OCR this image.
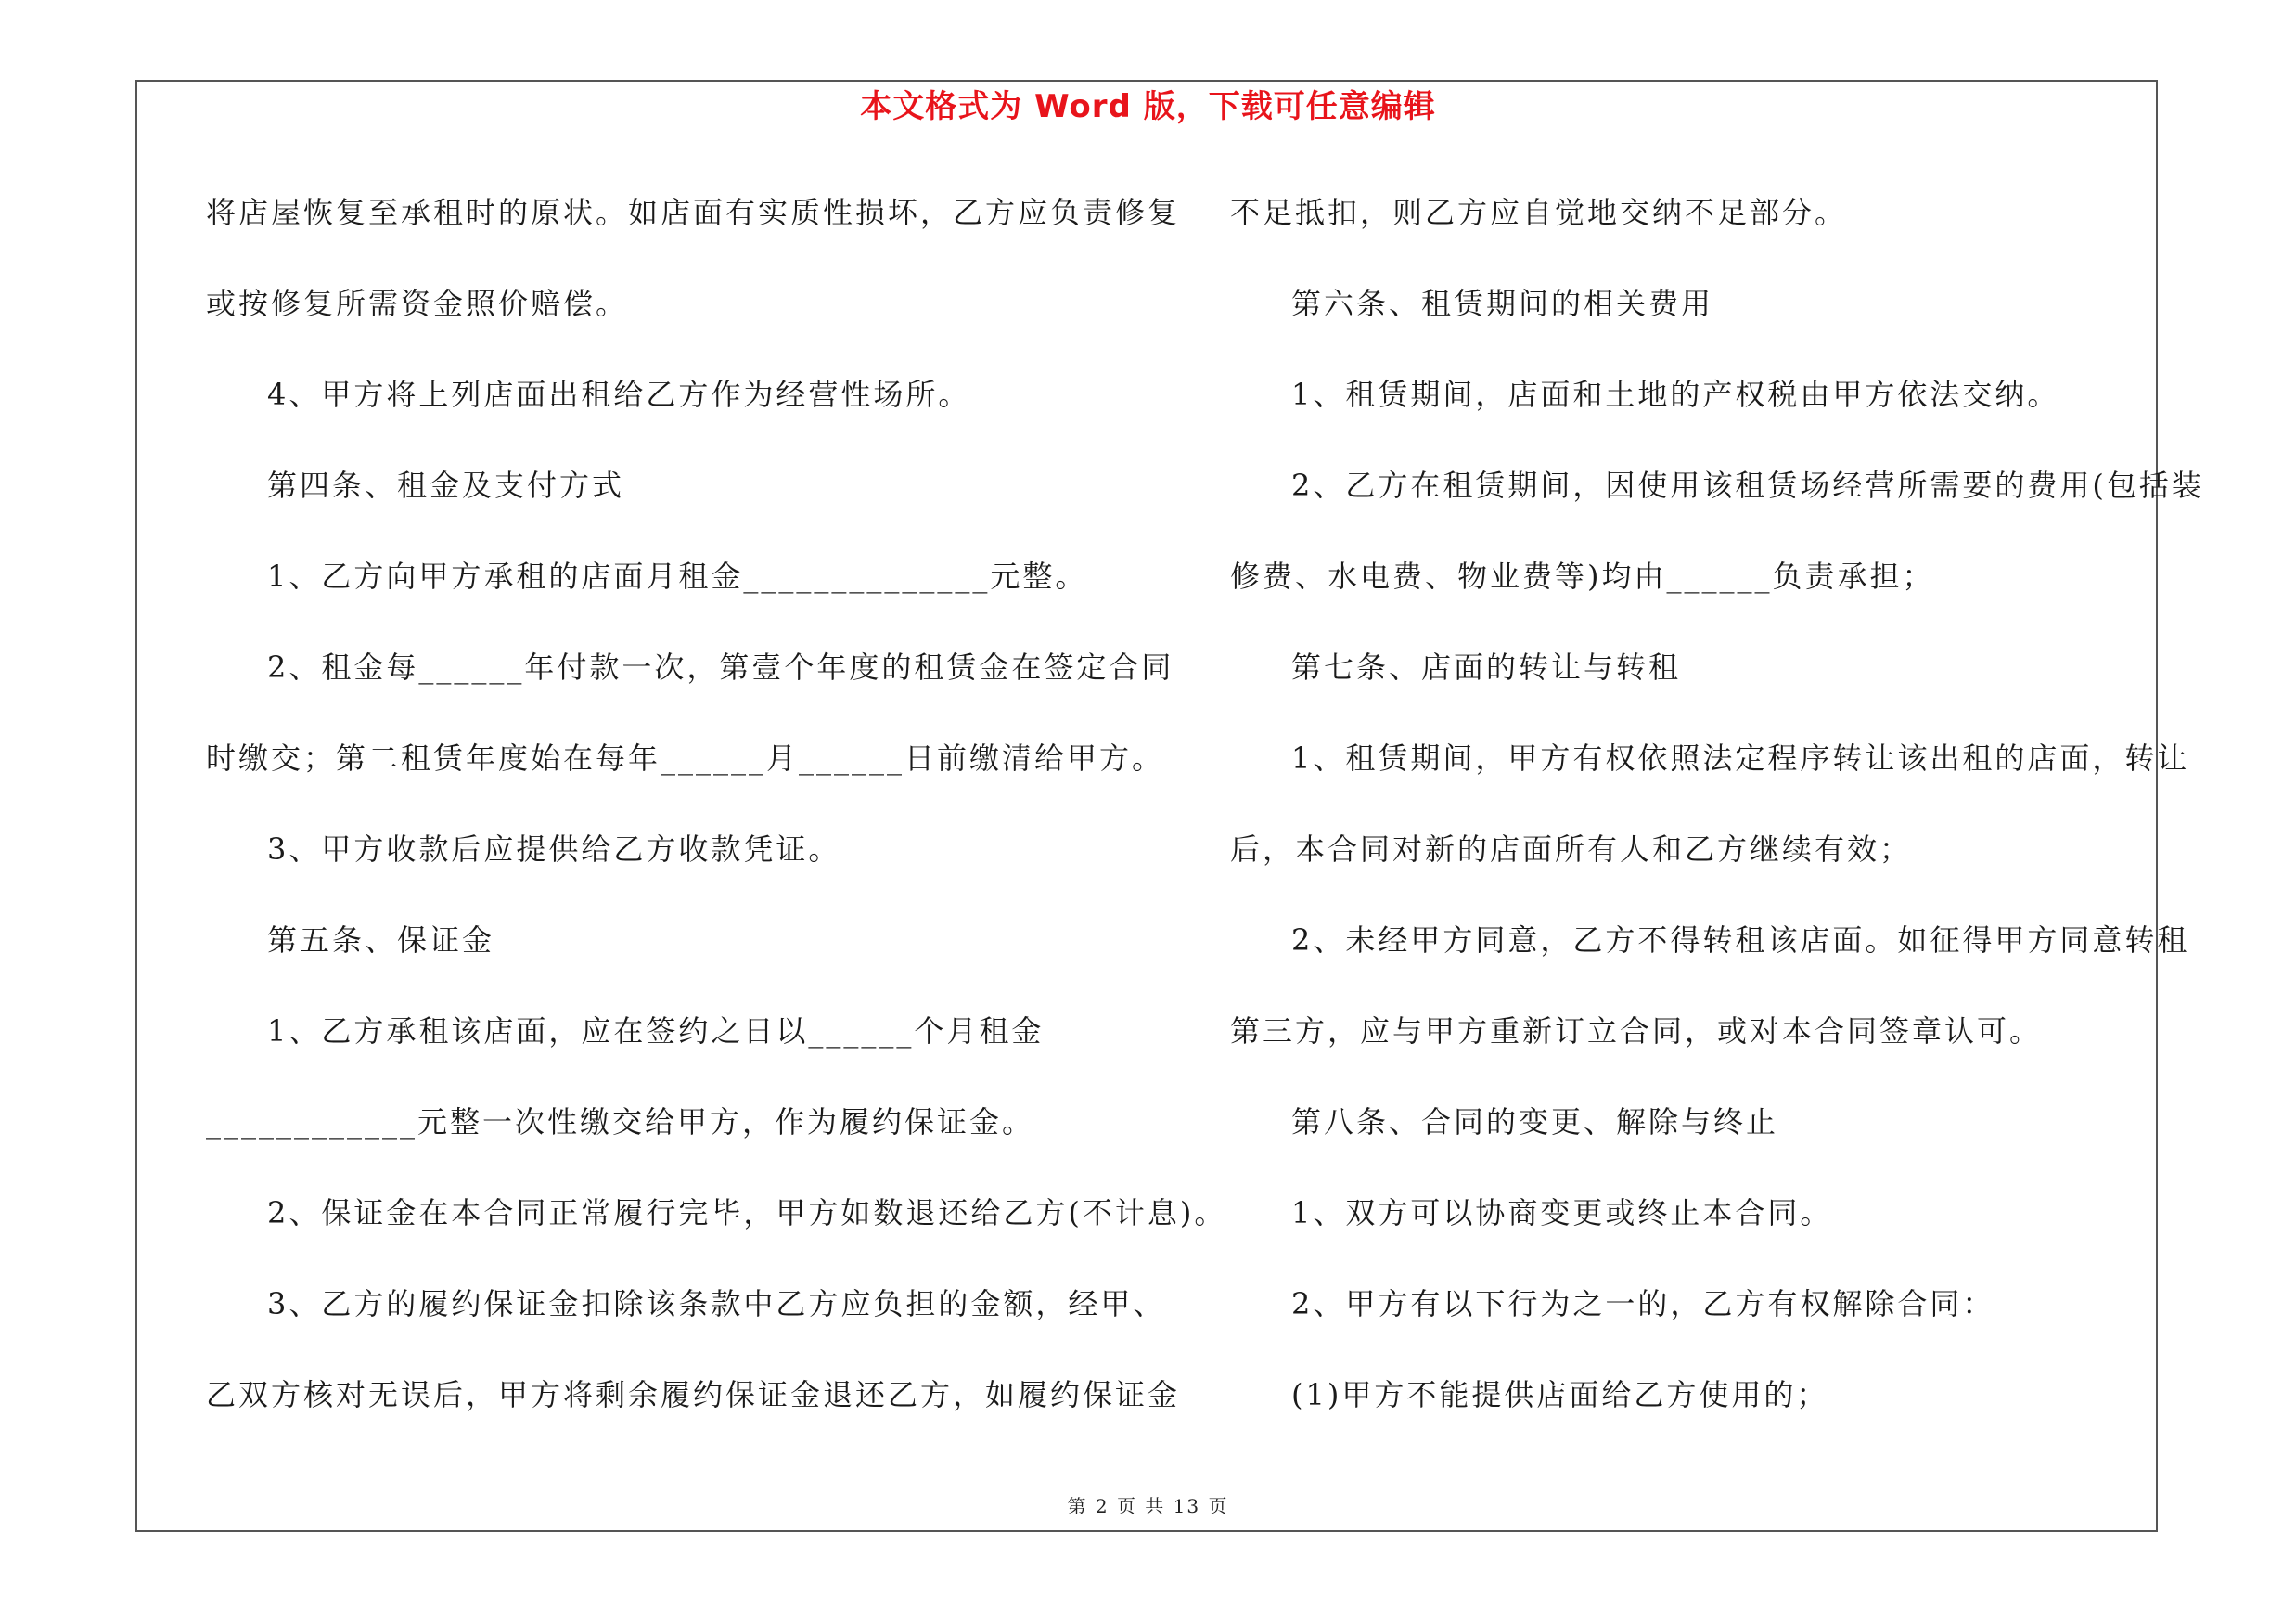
本文格式为 Word 版，下载可任意编辑
将店屋恢复至承租时的原状。如店面有实质性损坏，乙方应负责修复
或按修复所需资金照价赔偿。
4、甲方将上列店面出租给乙方作为经营性场所。
第四条、租金及支付方式
1、乙方向甲方承租的店面月租金______________元整。
2、租金每______年付款一次，第壹个年度的租赁金在签定合同
时缴交；第二租赁年度始在每年______月______日前缴清给甲方。
3、甲方收款后应提供给乙方收款凭证。
第五条、保证金
1、乙方承租该店面，应在签约之日以______个月租金
____________元整一次性缴交给甲方，作为履约保证金。
2、保证金在本合同正常履行完毕，甲方如数退还给乙方(不计息)。
3、乙方的履约保证金扣除该条款中乙方应负担的金额，经甲、
乙双方核对无误后，甲方将剩余履约保证金退还乙方，如履约保证金
不足抵扣，则乙方应自觉地交纳不足部分。
第六条、租赁期间的相关费用
1、租赁期间，店面和土地的产权税由甲方依法交纳。
2、乙方在租赁期间，因使用该租赁场经营所需要的费用(包括装
修费、水电费、物业费等)均由______负责承担；
第七条、店面的转让与转租
1、租赁期间，甲方有权依照法定程序转让该出租的店面，转让
后，本合同对新的店面所有人和乙方继续有效；
2、未经甲方同意，乙方不得转租该店面。如征得甲方同意转租
第三方，应与甲方重新订立合同，或对本合同签章认可。
第八条、合同的变更、解除与终止
1、双方可以协商变更或终止本合同。
2、甲方有以下行为之一的，乙方有权解除合同：
(1)甲方不能提供店面给乙方使用的；
第 2 页 共 13 页
